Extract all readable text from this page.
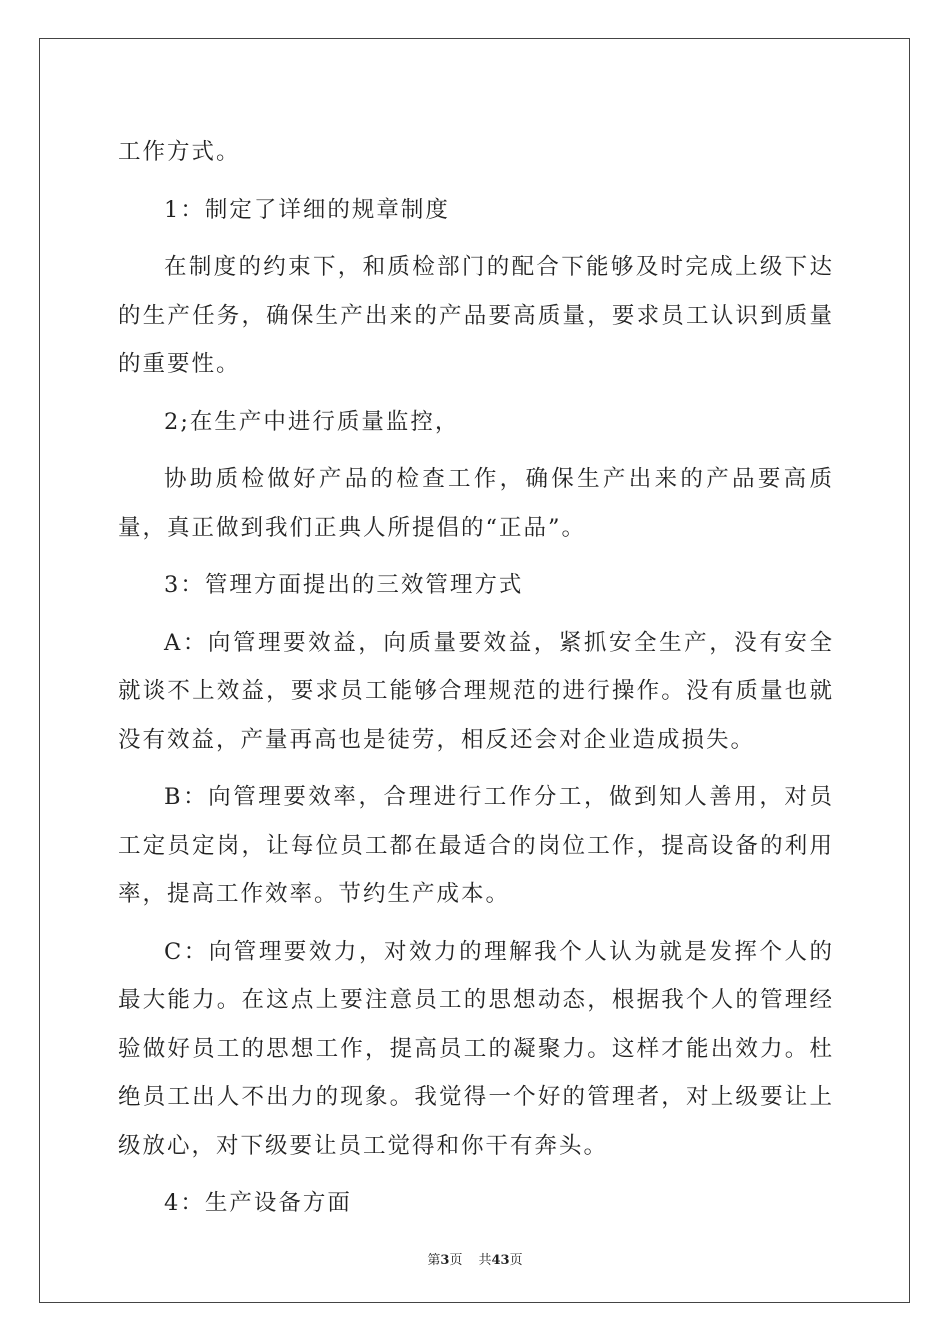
工作方式。

1：制定了详细的规章制度

在制度的约束下，和质检部门的配合下能够及时完成上级下达的生产任务，确保生产出来的产品要高质量，要求员工认识到质量的重要性。

2;在生产中进行质量监控，

协助质检做好产品的检查工作，确保生产出来的产品要高质量，真正做到我们正典人所提倡的“正品”。

3：管理方面提出的三效管理方式

A：向管理要效益，向质量要效益，紧抓安全生产，没有安全就谈不上效益，要求员工能够合理规范的进行操作。没有质量也就没有效益，产量再高也是徒劳，相反还会对企业造成损失。

B：向管理要效率，合理进行工作分工，做到知人善用，对员工定员定岗，让每位员工都在最适合的岗位工作，提高设备的利用率，提高工作效率。节约生产成本。

C：向管理要效力，对效力的理解我个人认为就是发挥个人的最大能力。在这点上要注意员工的思想动态，根据我个人的管理经验做好员工的思想工作，提高员工的凝聚力。这样才能出效力。杜绝员工出人不出力的现象。我觉得一个好的管理者，对上级要让上级放心，对下级要让员工觉得和你干有奔头。

4：生产设备方面

第3页 共43页
